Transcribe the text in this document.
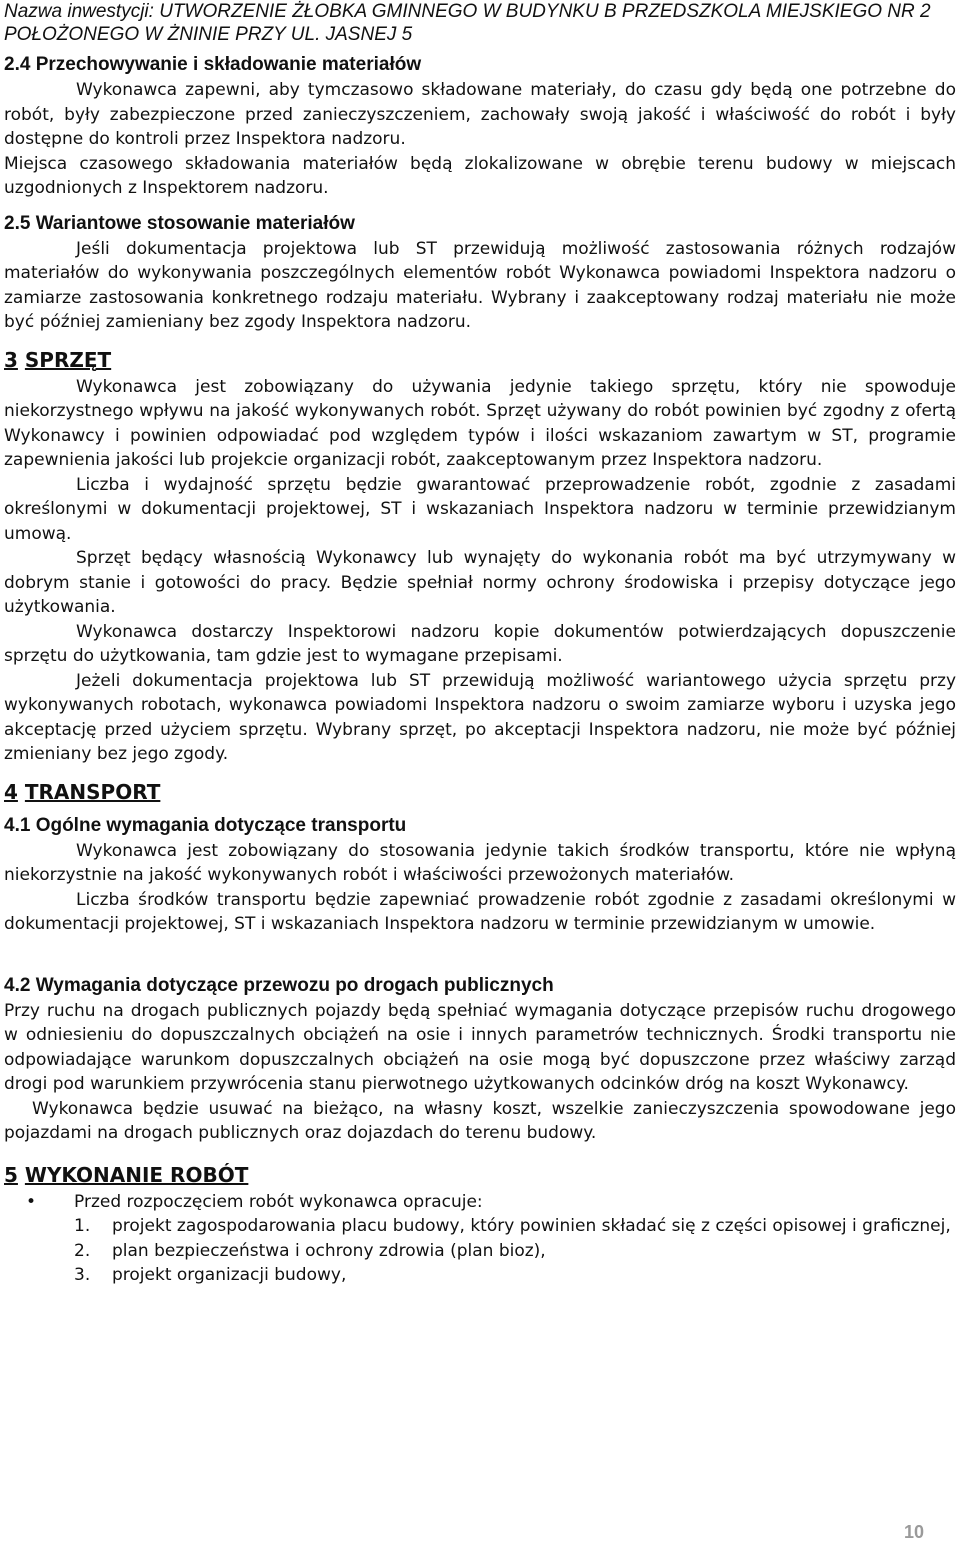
Nazwa inwestycji: UTWORZENIE ŻŁOBKA GMINNEGO W BUDYNKU B PRZEDSZKOLA MIEJSKIEGO NR 2
POŁOŻONEGO W ŻNINIE PRZY UL. JASNEJ 5
2.4 Przechowywanie i składowanie materiałów

Wykonawca zapewni, aby tymczasowo składowane materiały, do czasu gdy będą one potrzebne do robót, były zabezpieczone przed zanieczyszczeniem, zachowały swoją jakość i właściwość do robót i były dostępne do kontroli przez Inspektora nadzoru.

Miejsca czasowego składowania materiałów będą zlokalizowane w obrębie terenu budowy w miejscach uzgodnionych z Inspektorem nadzoru.

2.5 Wariantowe stosowanie materiałów

Jeśli dokumentacja projektowa lub ST przewidują możliwość zastosowania różnych rodzajów materiałów do wykonywania poszczególnych elementów robót Wykonawca powiadomi Inspektora nadzoru o zamiarze zastosowania konkretnego rodzaju materiału. Wybrany i zaakceptowany rodzaj materiału nie może być później zamieniany bez zgody Inspektora nadzoru.

3 SPRZĘT

Wykonawca jest zobowiązany do używania jedynie takiego sprzętu, który nie spowoduje niekorzystnego wpływu na jakość wykonywanych robót. Sprzęt używany do robót powinien być zgodny z ofertą Wykonawcy i powinien odpowiadać pod względem typów i ilości wskazaniom zawartym w ST, programie zapewnienia jakości lub projekcie organizacji robót, zaakceptowanym przez Inspektora nadzoru.

Liczba i wydajność sprzętu będzie gwarantować przeprowadzenie robót, zgodnie z zasadami określonymi w dokumentacji projektowej, ST i wskazaniach Inspektora nadzoru w terminie przewidzianym umową.

Sprzęt będący własnością Wykonawcy lub wynajęty do wykonania robót ma być utrzymywany w dobrym stanie i gotowości do pracy. Będzie spełniał normy ochrony środowiska i przepisy dotyczące jego użytkowania.

Wykonawca dostarczy Inspektorowi nadzoru kopie dokumentów potwierdzających dopuszczenie sprzętu do użytkowania, tam gdzie jest to wymagane przepisami.

Jeżeli dokumentacja projektowa lub ST przewidują możliwość wariantowego użycia sprzętu przy wykonywanych robotach, wykonawca powiadomi Inspektora nadzoru o swoim zamiarze wyboru i uzyska jego akceptację przed użyciem sprzętu. Wybrany sprzęt, po akceptacji Inspektora nadzoru, nie może być później zmieniany bez jego zgody.

4 TRANSPORT
4.1 Ogólne wymagania dotyczące transportu

Wykonawca jest zobowiązany do stosowania jedynie takich środków transportu, które nie wpłyną niekorzystnie na jakość wykonywanych robót i właściwości przewożonych materiałów.

Liczba środków transportu będzie zapewniać prowadzenie robót zgodnie z zasadami określonymi w dokumentacji projektowej, ST i wskazaniach Inspektora nadzoru w terminie przewidzianym w umowie.

4.2 Wymagania dotyczące przewozu po drogach publicznych

Przy ruchu na drogach publicznych pojazdy będą spełniać wymagania dotyczące przepisów ruchu drogowego w odniesieniu do dopuszczalnych obciążeń na osie i innych parametrów technicznych. Środki transportu nie odpowiadające warunkom dopuszczalnych obciążeń na osie mogą być dopuszczone przez właściwy zarząd drogi pod warunkiem przywrócenia stanu pierwotnego użytkowanych odcinków dróg na koszt Wykonawcy.

Wykonawca będzie usuwać na bieżąco, na własny koszt, wszelkie zanieczyszczenia spowodowane jego pojazdami na drogach publicznych oraz dojazdach do terenu budowy.

5 WYKONANIE ROBÓT
• Przed rozpoczęciem robót wykonawca opracuje:
1. projekt zagospodarowania placu budowy, który powinien składać się z części opisowej i graficznej,
2. plan bezpieczeństwa i ochrony zdrowia (plan bioz),
3. projekt organizacji budowy,
10
